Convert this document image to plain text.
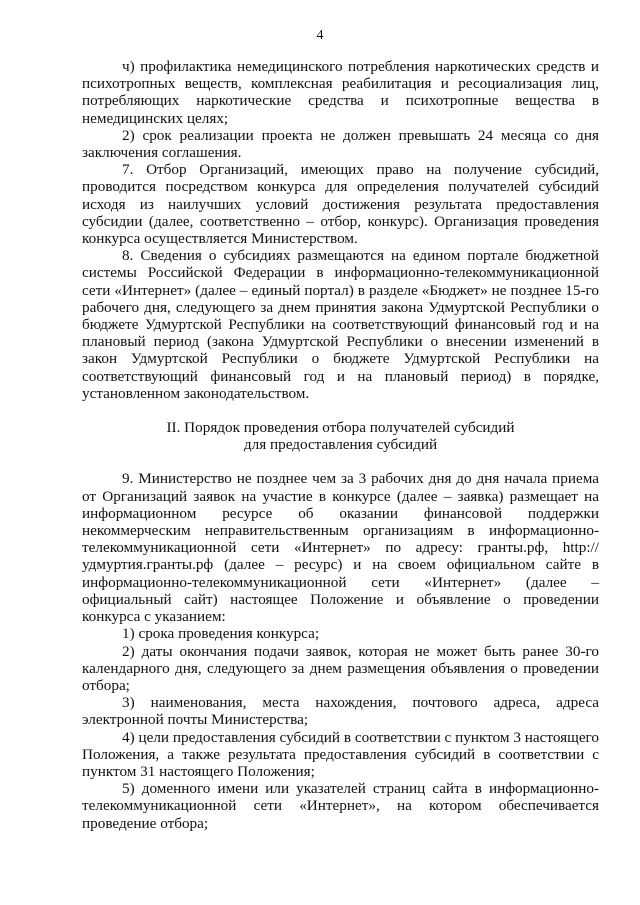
4

ч) профилактика немедицинского потребления наркотических средств и психотропных веществ, комплексная реабилитация и ресоциализация лиц, потребляющих наркотические средства и психотропные вещества в немедицинских целях;

2) срок реализации проекта не должен превышать 24 месяца со дня заключения соглашения.

7. Отбор Организаций, имеющих право на получение субсидий, проводится посредством конкурса для определения получателей субсидий исходя из наилучших условий достижения результата предоставления субсидии (далее, соответственно – отбор, конкурс). Организация проведения конкурса осуществляется Министерством.

8. Сведения о субсидиях размещаются на едином портале бюджетной системы Российской Федерации в информационно-телекоммуникационной сети «Интернет» (далее – единый портал) в разделе «Бюджет» не позднее 15-го рабочего дня, следующего за днем принятия закона Удмуртской Республики о бюджете Удмуртской Республики на соответствующий финансовый год и на плановый период (закона Удмуртской Республики о внесении изменений в закон Удмуртской Республики о бюджете Удмуртской Республики на соответствующий финансовый год и на плановый период) в порядке, установленном законодательством.

II. Порядок проведения отбора получателей субсидий
для предоставления субсидий

9. Министерство не позднее чем за 3 рабочих дня до дня начала приема от Организаций заявок на участие в конкурсе (далее – заявка) размещает на информационном ресурсе об оказании финансовой поддержки некоммерческим неправительственным организациям в информационно-телекоммуникационной сети «Интернет» по адресу: гранты.рф, http://удмуртия.гранты.рф (далее – ресурс) и на своем официальном сайте в информационно-телекоммуникационной сети «Интернет» (далее – официальный сайт) настоящее Положение и объявление о проведении конкурса с указанием:

1) срока проведения конкурса;

2) даты окончания подачи заявок, которая не может быть ранее 30-го календарного дня, следующего за днем размещения объявления о проведении отбора;

3) наименования, места нахождения, почтового адреса, адреса электронной почты Министерства;

4) цели предоставления субсидий в соответствии с пунктом 3 настоящего Положения, а также результата предоставления субсидий в соответствии с пунктом 31 настоящего Положения;

5) доменного имени или указателей страниц сайта в информационно-телекоммуникационной сети «Интернет», на котором обеспечивается проведение отбора;
